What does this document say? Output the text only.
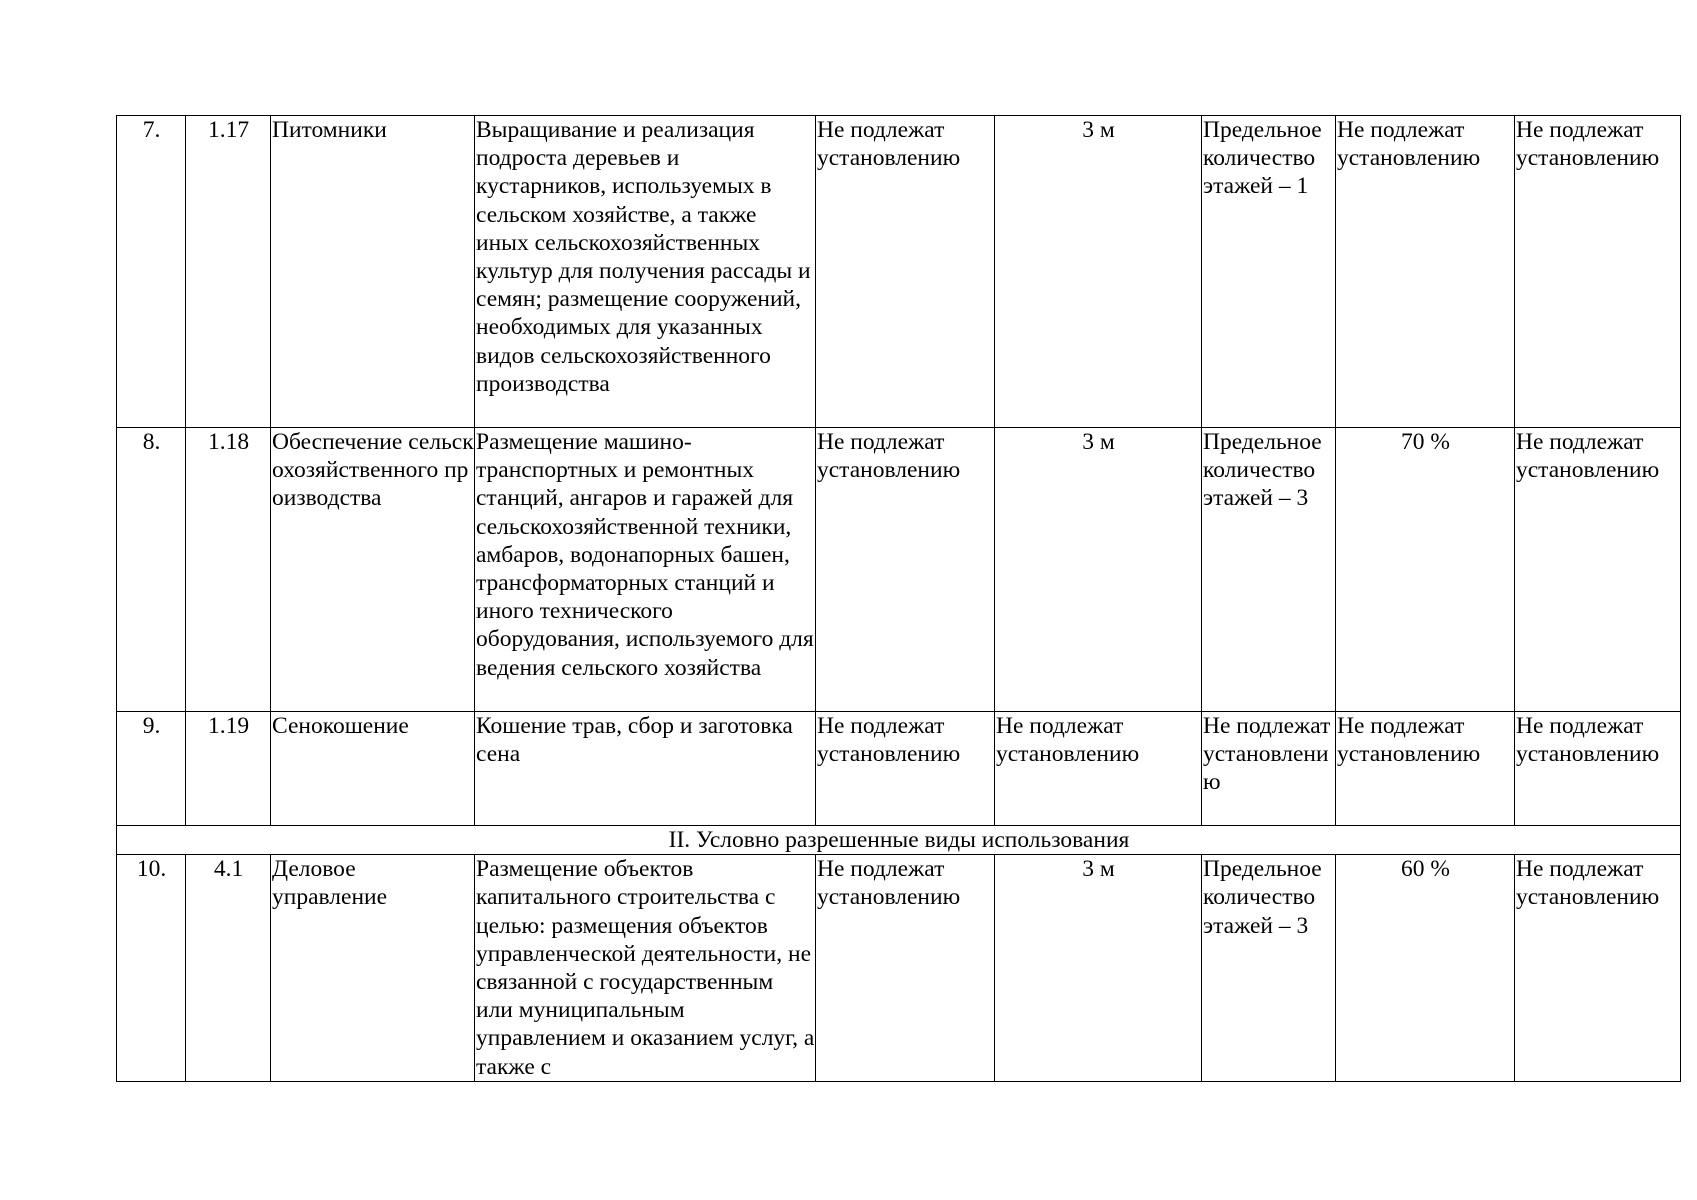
7.	1.17	Питомники	Выращивание и реализация подроста деревьев и кустарников, используемых в сельском хозяйстве, а также иных сельскохозяйственных культур для получения рассады и семян; размещение сооружений, необходимых для указанных видов сельскохозяйственного производства	Не подлежат установлению	3 м	Предельное количество этажей – 1	Не подлежат установлению	Не подлежат установлению
8.	1.18	Обеспечение сельскохозяйственного производства	Размещение машино-транспортных и ремонтных станций, ангаров и гаражей для сельскохозяйственной техники, амбаров, водонапорных башен, трансформаторных станций и иного технического оборудования, используемого для ведения сельского хозяйства	Не подлежат установлению	3 м	Предельное количество этажей – 3	70 %	Не подлежат установлению
9.	1.19	Сенокошение	Кошение трав, сбор и заготовка сена	Не подлежат установлению	Не подлежат установлению	Не подлежат установлению	Не подлежат установлению	Не подлежат установлению
II. Условно разрешенные виды использования								
10.	4.1	Деловое управление	Размещение объектов капитального строительства с целью: размещения объектов управленческой деятельности, не связанной с государственным или муниципальным управлением и оказанием услуг, а также с	Не подлежат установлению	3 м	Предельное количество этажей – 3	60 %	Не подлежат установлению
